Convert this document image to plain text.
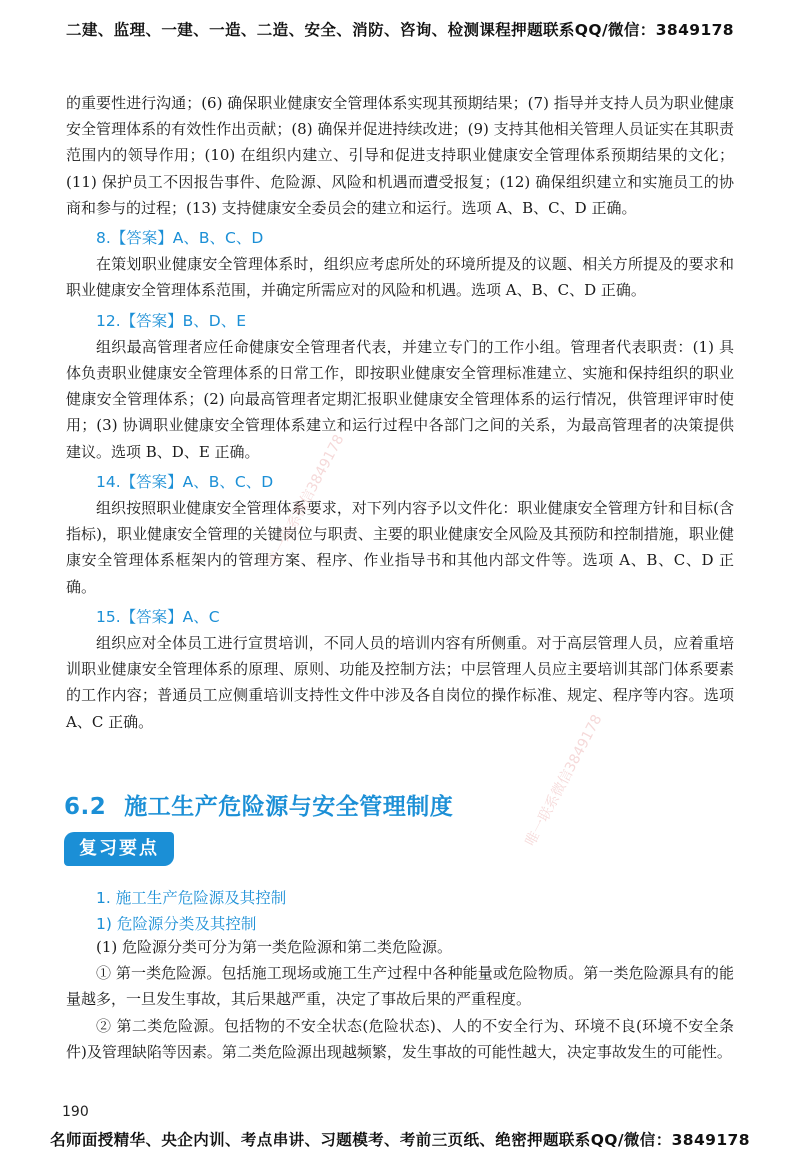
二建、监理、一建、一造、二造、安全、消防、咨询、检测课程押题联系QQ/微信：3849178

的重要性进行沟通；(6) 确保职业健康安全管理体系实现其预期结果；(7) 指导并支持人员为职业健康安全管理体系的有效性作出贡献；(8) 确保并促进持续改进；(9) 支持其他相关管理人员证实在其职责范围内的领导作用；(10) 在组织内建立、引导和促进支持职业健康安全管理体系预期结果的文化；(11) 保护员工不因报告事件、危险源、风险和机遇而遭受报复；(12) 确保组织建立和实施员工的协商和参与的过程；(13) 支持健康安全委员会的建立和运行。选项 A、B、C、D 正确。

8.【答案】A、B、C、D

在策划职业健康安全管理体系时，组织应考虑所处的环境所提及的议题、相关方所提及的要求和职业健康安全管理体系范围，并确定所需应对的风险和机遇。选项 A、B、C、D 正确。

12.【答案】B、D、E

组织最高管理者应任命健康安全管理者代表，并建立专门的工作小组。管理者代表职责：(1) 具体负责职业健康安全管理体系的日常工作，即按职业健康安全管理标准建立、实施和保持组织的职业健康安全管理体系；(2) 向最高管理者定期汇报职业健康安全管理体系的运行情况，供管理评审时使用；(3) 协调职业健康安全管理体系建立和运行过程中各部门之间的关系，为最高管理者的决策提供建议。选项 B、D、E 正确。

14.【答案】A、B、C、D

组织按照职业健康安全管理体系要求，对下列内容予以文件化：职业健康安全管理方针和目标(含指标)，职业健康安全管理的关键岗位与职责、主要的职业健康安全风险及其预防和控制措施，职业健康安全管理体系框架内的管理方案、程序、作业指导书和其他内部文件等。选项 A、B、C、D 正确。

15.【答案】A、C

组织应对全体员工进行宣贯培训，不同人员的培训内容有所侧重。对于高层管理人员，应着重培训职业健康安全管理体系的原理、原则、功能及控制方法；中层管理人员应主要培训其部门体系要素的工作内容；普通员工应侧重培训支持性文件中涉及各自岗位的操作标准、规定、程序等内容。选项 A、C 正确。

6.2 施工生产危险源与安全管理制度
复习要点
1. 施工生产危险源及其控制
1) 危险源分类及其控制

(1) 危险源分类可分为第一类危险源和第二类危险源。

① 第一类危险源。包括施工现场或施工生产过程中各种能量或危险物质。第一类危险源具有的能量越多，一旦发生事故，其后果越严重，决定了事故后果的严重程度。

② 第二类危险源。包括物的不安全状态(危险状态)、人的不安全行为、环境不良(环境不安全条件)及管理缺陷等因素。第二类危险源出现越频繁，发生事故的可能性越大，决定事故发生的可能性。

190
唯一联系微信3849178
唯一联系微信3849178
名师面授精华、央企内训、考点串讲、习题模考、考前三页纸、绝密押题联系QQ/微信：3849178
